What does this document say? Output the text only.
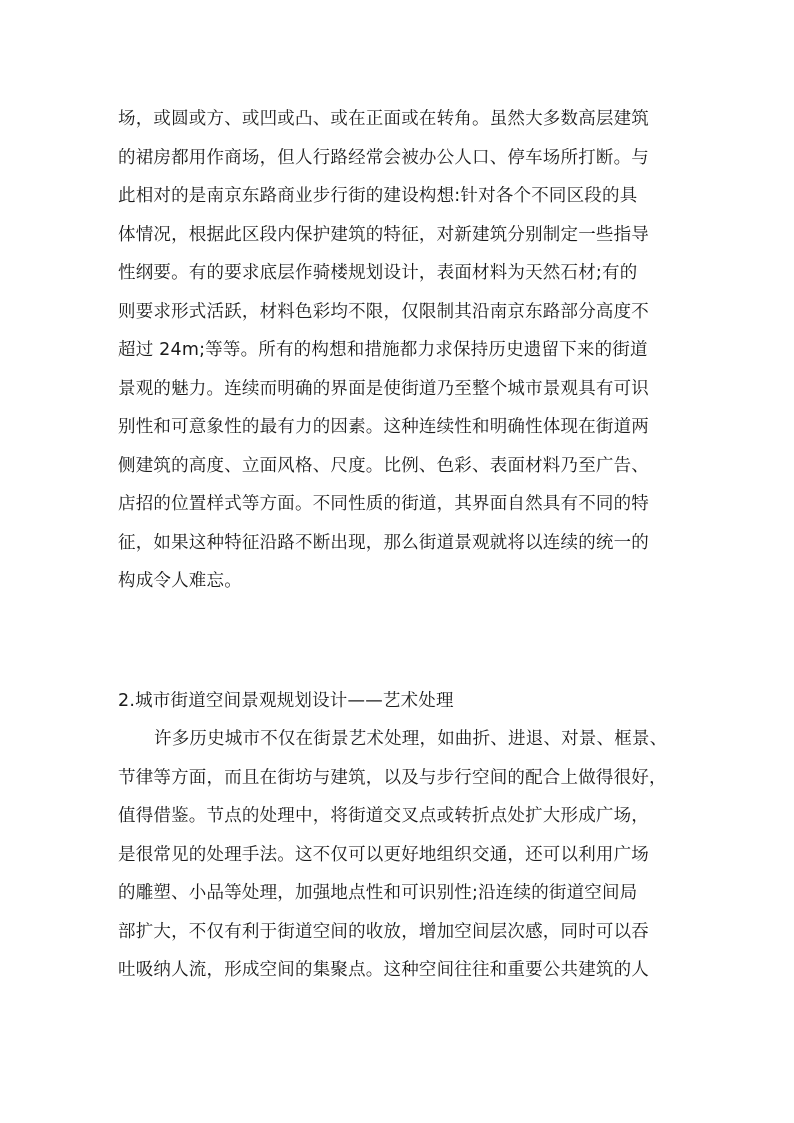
场，或圆或方、或凹或凸、或在正面或在转角。虽然大多数高层建筑
的裙房都用作商场，但人行路经常会被办公人口、停车场所打断。与
此相对的是南京东路商业步行街的建设构想:针对各个不同区段的具
体情况，根据此区段内保护建筑的特征，对新建筑分别制定一些指导
性纲要。有的要求底层作骑楼规划设计，表面材料为天然石材;有的
则要求形式活跃，材料色彩均不限，仅限制其沿南京东路部分高度不
超过 24m;等等。所有的构想和措施都力求保持历史遗留下来的街道
景观的魅力。连续而明确的界面是使街道乃至整个城市景观具有可识
别性和可意象性的最有力的因素。这种连续性和明确性体现在街道两
侧建筑的高度、立面风格、尺度。比例、色彩、表面材料乃至广告、
店招的位置样式等方面。不同性质的街道，其界面自然具有不同的特
征，如果这种特征沿路不断出现，那么街道景观就将以连续的统一的
构成令人难忘。
2.城市街道空间景观规划设计——艺术处理
许多历史城市不仅在街景艺术处理，如曲折、进退、对景、框景、
节律等方面，而且在街坊与建筑，以及与步行空间的配合上做得很好，
值得借鉴。节点的处理中，将街道交叉点或转折点处扩大形成广场，
是很常见的处理手法。这不仅可以更好地组织交通，还可以利用广场
的雕塑、小品等处理，加强地点性和可识别性;沿连续的街道空间局
部扩大，不仅有利于街道空间的收放，增加空间层次感，同时可以吞
吐吸纳人流，形成空间的集聚点。这种空间往往和重要公共建筑的人
